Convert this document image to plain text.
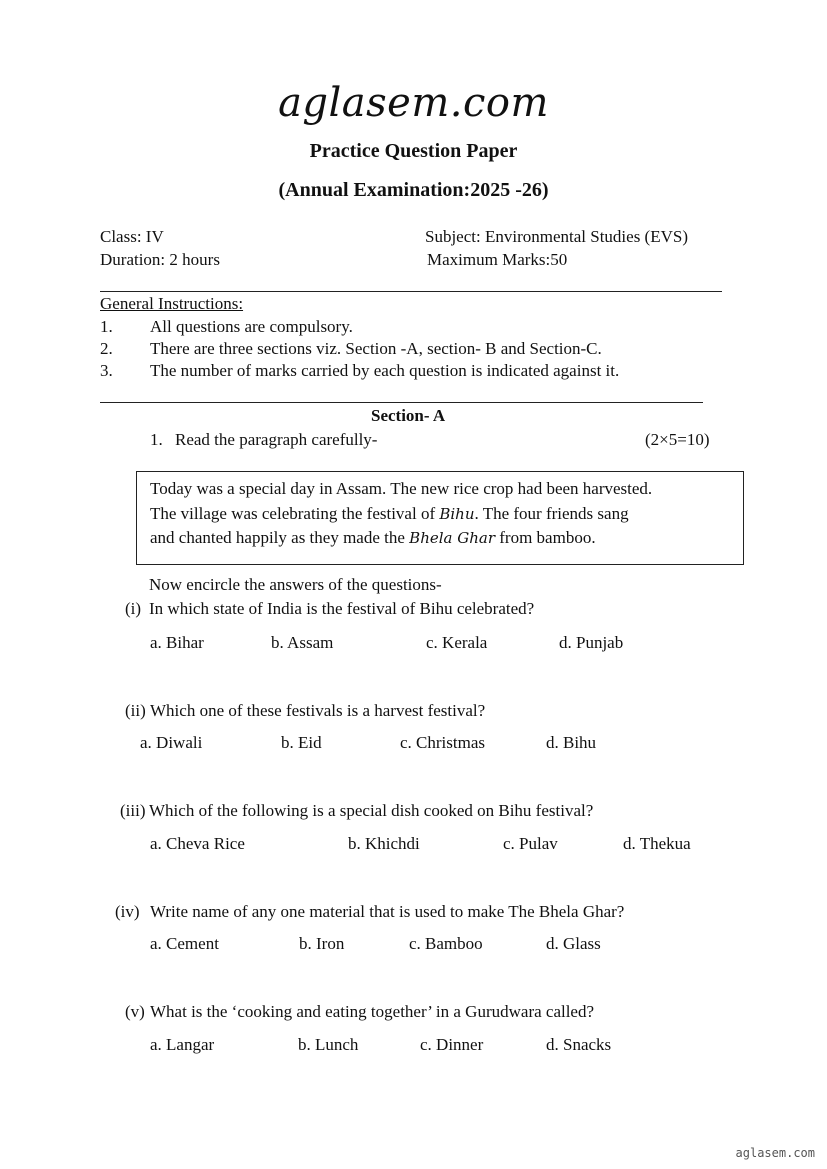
aglasem.com
Practice Question Paper
(Annual Examination:2025 -26)
Class: IV	Subject: Environmental Studies (EVS)
Duration: 2 hours	Maximum Marks:50
General Instructions:
1. All questions are compulsory.
2. There are three sections viz. Section -A, section- B and Section-C.
3. The number of marks carried by each question is indicated against it.
Section- A
1. Read the paragraph carefully-	(2×5=10)

Today was a special day in Assam. The new rice crop had been harvested.

The village was celebrating the festival of Bihu. The four friends sang

and chanted happily as they made the Bhela Ghar from bamboo.

Now encircle the answers of the questions-
(i) In which state of India is the festival of Bihu celebrated?
a. Bihar	b. Assam	c. Kerala	d. Punjab
(ii) Which one of these festivals is a harvest festival?
a. Diwali	b. Eid	c. Christmas	d. Bihu
(iii) Which of the following is a special dish cooked on Bihu festival?
a. Cheva Rice	b. Khichdi	c. Pulav	d. Thekua
(iv) Write name of any one material that is used to make The Bhela Ghar?
a. Cement	b. Iron	c. Bamboo	d. Glass
(v) What is the ‘cooking and eating together’ in a Gurudwara called?
a. Langar	b. Lunch	c. Dinner	d. Snacks
aglasem.com
